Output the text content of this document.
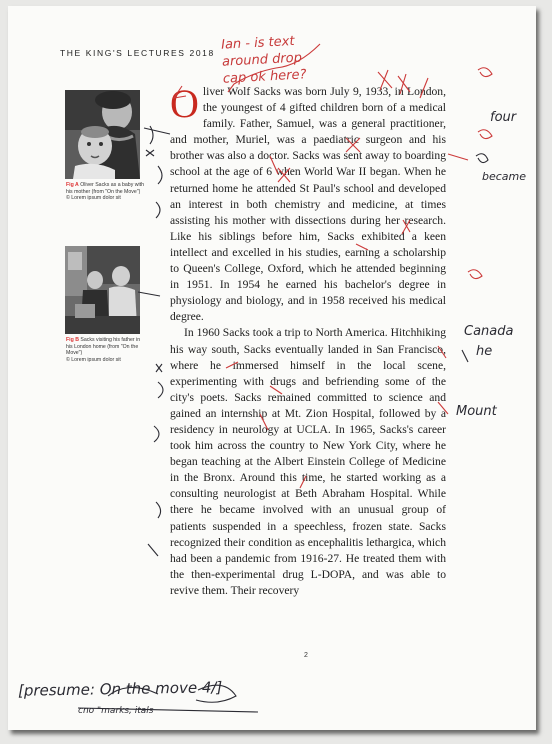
THE KING'S LECTURES 2018
Fig A Oliver Sacks as a baby with his mother (from "On the Move")
© Lorem ipsum dolor sit
Fig B Sacks visiting his father in his London home (from "On the Move")
© Lorem ipsum dolor sit
O liver Wolf Sacks was born July 9, 1933, in London, the youngest of 4 gifted children born of a medical family. Father, Samuel, was a general practitioner, and mother, Muriel, was a paediatric surgeon and his brother was also a doctor. Sacks was sent away to boarding school at the age of 6 when World War II began. When he returned home he attended St Paul's school and developed an interest in both chemistry and medicine, at times assisting his mother with dissections during her research. Like his siblings before him, Sacks exhibited a keen intellect and excelled in his studies, earning a scholarship to Queen's College, Oxford, which he attended beginning in 1951. In 1954 he earned his bachelor's degree in physiology and biology, and in 1958 received his medical degree.

In 1960 Sacks took a trip to North America. Hitchhiking his way south, Sacks eventually landed in San Francisco, where he immersed himself in the local scene, experimenting with drugs and befriending some of the city's poets. Sacks remained committed to science and gained an internship at Mt. Zion Hospital, followed by a residency in neurology at UCLA. In 1965, Sacks's career took him across the country to New York City, where he began teaching at the Albert Einstein College of Medicine in the Bronx. Around this time, he started working as a consulting neurologist at Beth Abraham Hospital. While there he became involved with an unusual group of patients suspended in a speechless, frozen state. Sacks recognized their condition as encephalitis lethargica, which had been a pandemic from 1916-27. He treated them with the then-experimental drug L-DOPA, and was able to revive them. Their recovery

2
Ian - is text around drop cap ok here?
four
became
Canada
he
Mount
[presume: On the move 4/]
cno "marks, itals
